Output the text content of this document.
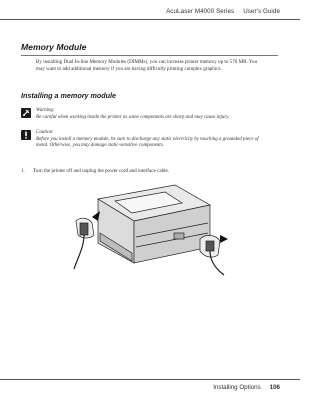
AcuLaser M4000 Series User's Guide
Memory Module
By installing Dual In-line Memory Modules (DIMMs), you can increase printer memory up to 576 MB. You may want to add additional memory if you are having difficulty printing complex graphics.
Installing a memory module
Warning:
Be careful when working inside the printer as some components are sharp and may cause injury.
Caution:
Before you install a memory module, be sure to discharge any static electricity by touching a grounded piece of metal. Otherwise, you may damage static-sensitive components.
1. Turn the printer off and unplug the power cord and interface cable.
Installing Options 106
